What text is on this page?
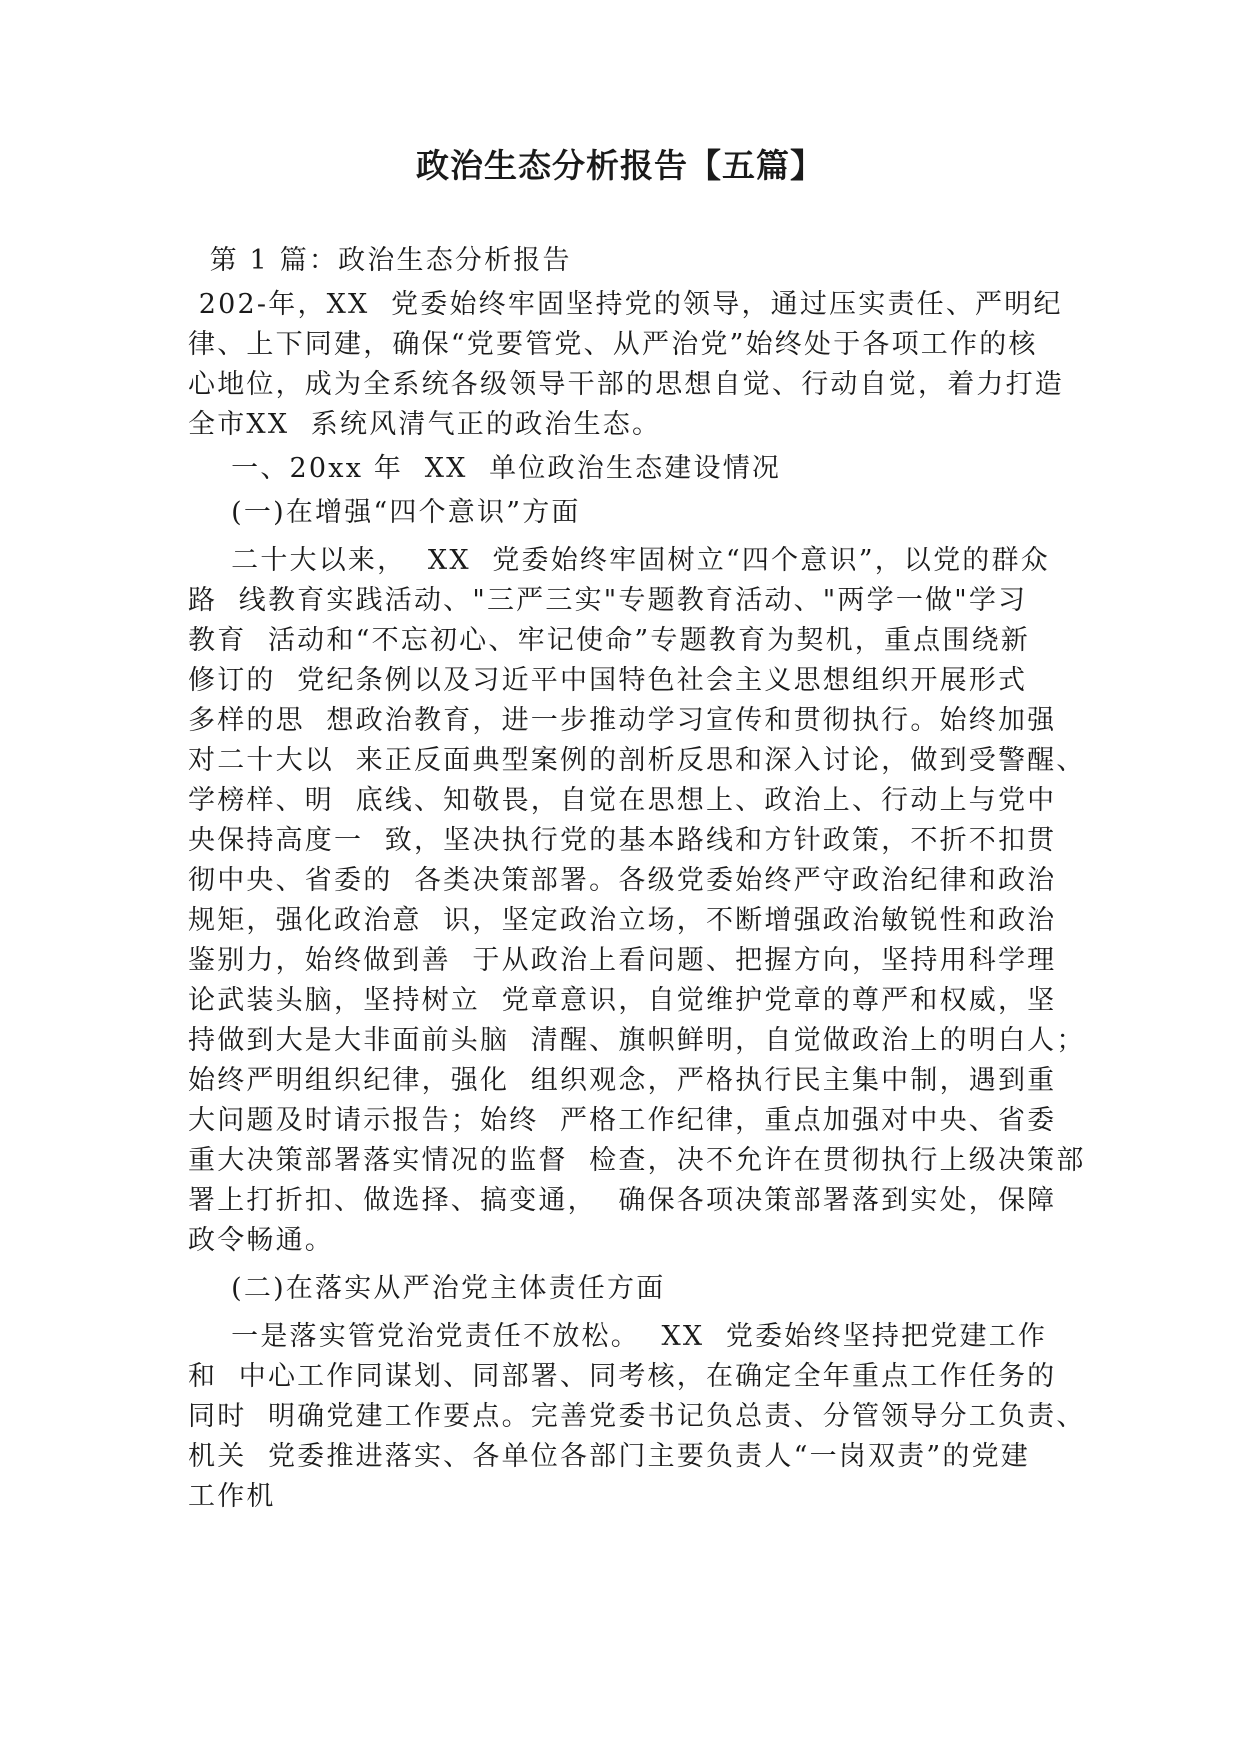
政治生态分析报告【五篇】
第 1 篇：政治生态分析报告
202-年，XX  党委始终牢固坚持党的领导，通过压实责任、严明纪
律、上下同建，确保“党要管党、从严治党”始终处于各项工作的核
心地位，成为全系统各级领导干部的思想自觉、行动自觉，着力打造
全市XX  系统风清气正的政治生态。
一、20xx 年  XX  单位政治生态建设情况
(一)在增强“四个意识”方面
二十大以来，  XX  党委始终牢固树立“四个意识”，以党的群众
路  线教育实践活动、"三严三实"专题教育活动、"两学一做"学习
教育  活动和“不忘初心、牢记使命”专题教育为契机，重点围绕新
修订的  党纪条例以及习近平中国特色社会主义思想组织开展形式
多样的思  想政治教育，进一步推动学习宣传和贯彻执行。始终加强
对二十大以  来正反面典型案例的剖析反思和深入讨论，做到受警醒、
学榜样、明  底线、知敬畏，自觉在思想上、政治上、行动上与党中
央保持高度一  致，坚决执行党的基本路线和方针政策，不折不扣贯
彻中央、省委的  各类决策部署。各级党委始终严守政治纪律和政治
规矩，强化政治意  识，坚定政治立场，不断增强政治敏锐性和政治
鉴别力，始终做到善  于从政治上看问题、把握方向，坚持用科学理
论武装头脑，坚持树立  党章意识，自觉维护党章的尊严和权威，坚
持做到大是大非面前头脑  清醒、旗帜鲜明，自觉做政治上的明白人；
始终严明组织纪律，强化  组织观念，严格执行民主集中制，遇到重
大问题及时请示报告；始终  严格工作纪律，重点加强对中央、省委
重大决策部署落实情况的监督  检查，决不允许在贯彻执行上级决策部
署上打折扣、做选择、搞变通，  确保各项决策部署落到实处，保障
政令畅通。
(二)在落实从严治党主体责任方面
一是落实管党治党责任不放松。  XX  党委始终坚持把党建工作
和  中心工作同谋划、同部署、同考核，在确定全年重点工作任务的
同时  明确党建工作要点。完善党委书记负总责、分管领导分工负责、
机关  党委推进落实、各单位各部门主要负责人“一岗双责”的党建
工作机
